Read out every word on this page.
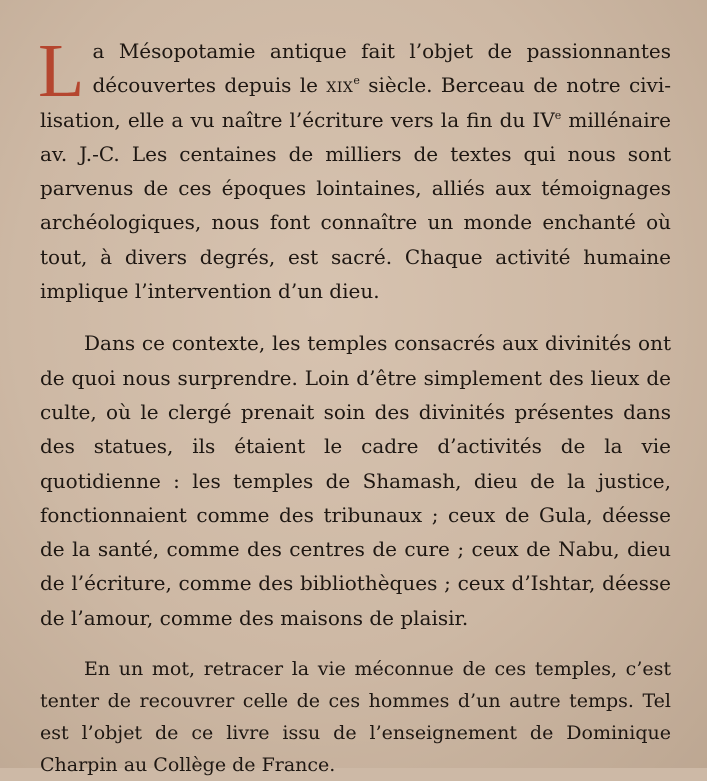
La Mésopotamie antique fait l’objet de passionnantes découvertes depuis le xix$^e$ siècle. Berceau de notre civilisation, elle a vu naître l’écriture vers la fin du IVe millénaire av. J.-C. Les centaines de milliers de textes qui nous sont parvenus de ces époques lointaines, alliés aux témoignages archéologiques, nous font connaître un monde enchanté où tout, à divers degrés, est sacré. Chaque activité humaine implique l’intervention d’un dieu.

Dans ce contexte, les temples consacrés aux divinités ont de quoi nous surprendre. Loin d’être simplement des lieux de culte, où le clergé prenait soin des divinités présentes dans des statues, ils étaient le cadre d’activités de la vie quotidienne : les temples de Shamash, dieu de la justice, fonctionnaient comme des tribunaux ; ceux de Gula, déesse de la santé, comme des centres de cure ; ceux de Nabu, dieu de l’écriture, comme des bibliothèques ; ceux d’Ishtar, déesse de l’amour, comme des maisons de plaisir.

En un mot, retracer la vie méconnue de ces temples, c’est tenter de recouvrer celle de ces hommes d’un autre temps. Tel est l’objet de ce livre issu de l’enseignement de Dominique Charpin au Collège de France.
